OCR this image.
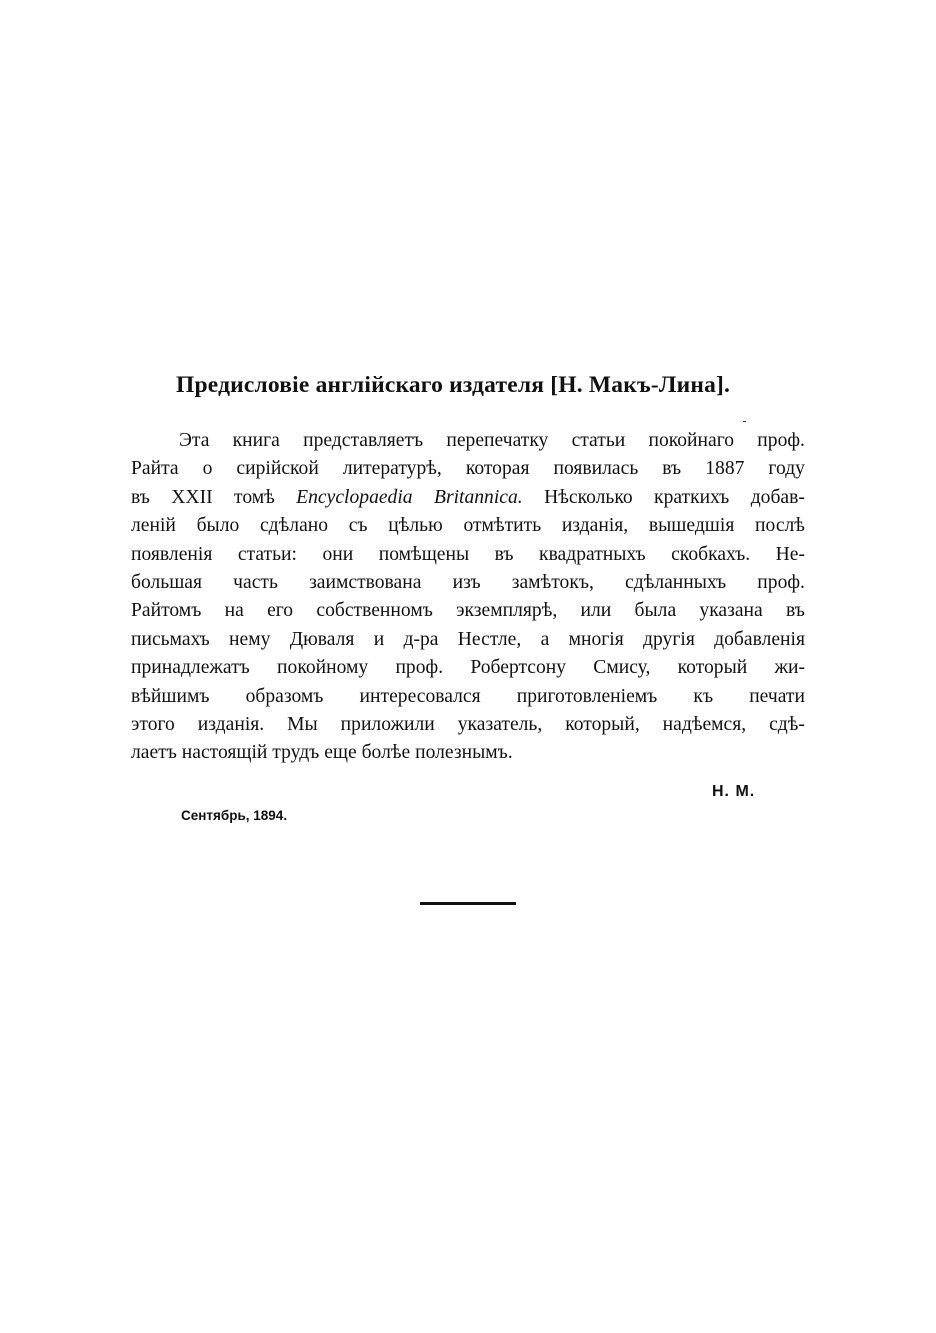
Предисловіе англійскаго издателя [Н. Макъ-Лина].
Эта книга представляетъ перепечатку статьи покойнаго проф.
Райта о сирійской литературѣ, которая появилась въ 1887 году
въ XXII томѣ Encyclopaedia Britannica. Нѣсколько краткихъ добав-
леній было сдѣлано съ цѣлью отмѣтить изданія, вышедшія послѣ
появленія статьи: они помѣщены въ квадратныхъ скобкахъ. Не-
большая часть заимствована изъ замѣтокъ, сдѣланныхъ проф.
Райтомъ на его собственномъ экземплярѣ, или была указана въ
письмахъ нему Дюваля и д-ра Нестле, а многія другія добавленія
принадлежатъ покойному проф. Робертсону Смису, который жи-
вѣйшимъ образомъ интересовался приготовленіемъ къ печати
этого изданія. Мы приложили указатель, который, надѣемся, сдѣ-
лаетъ настоящій трудъ еще болѣе полезнымъ.

Н. М.

Сентябрь, 1894.
